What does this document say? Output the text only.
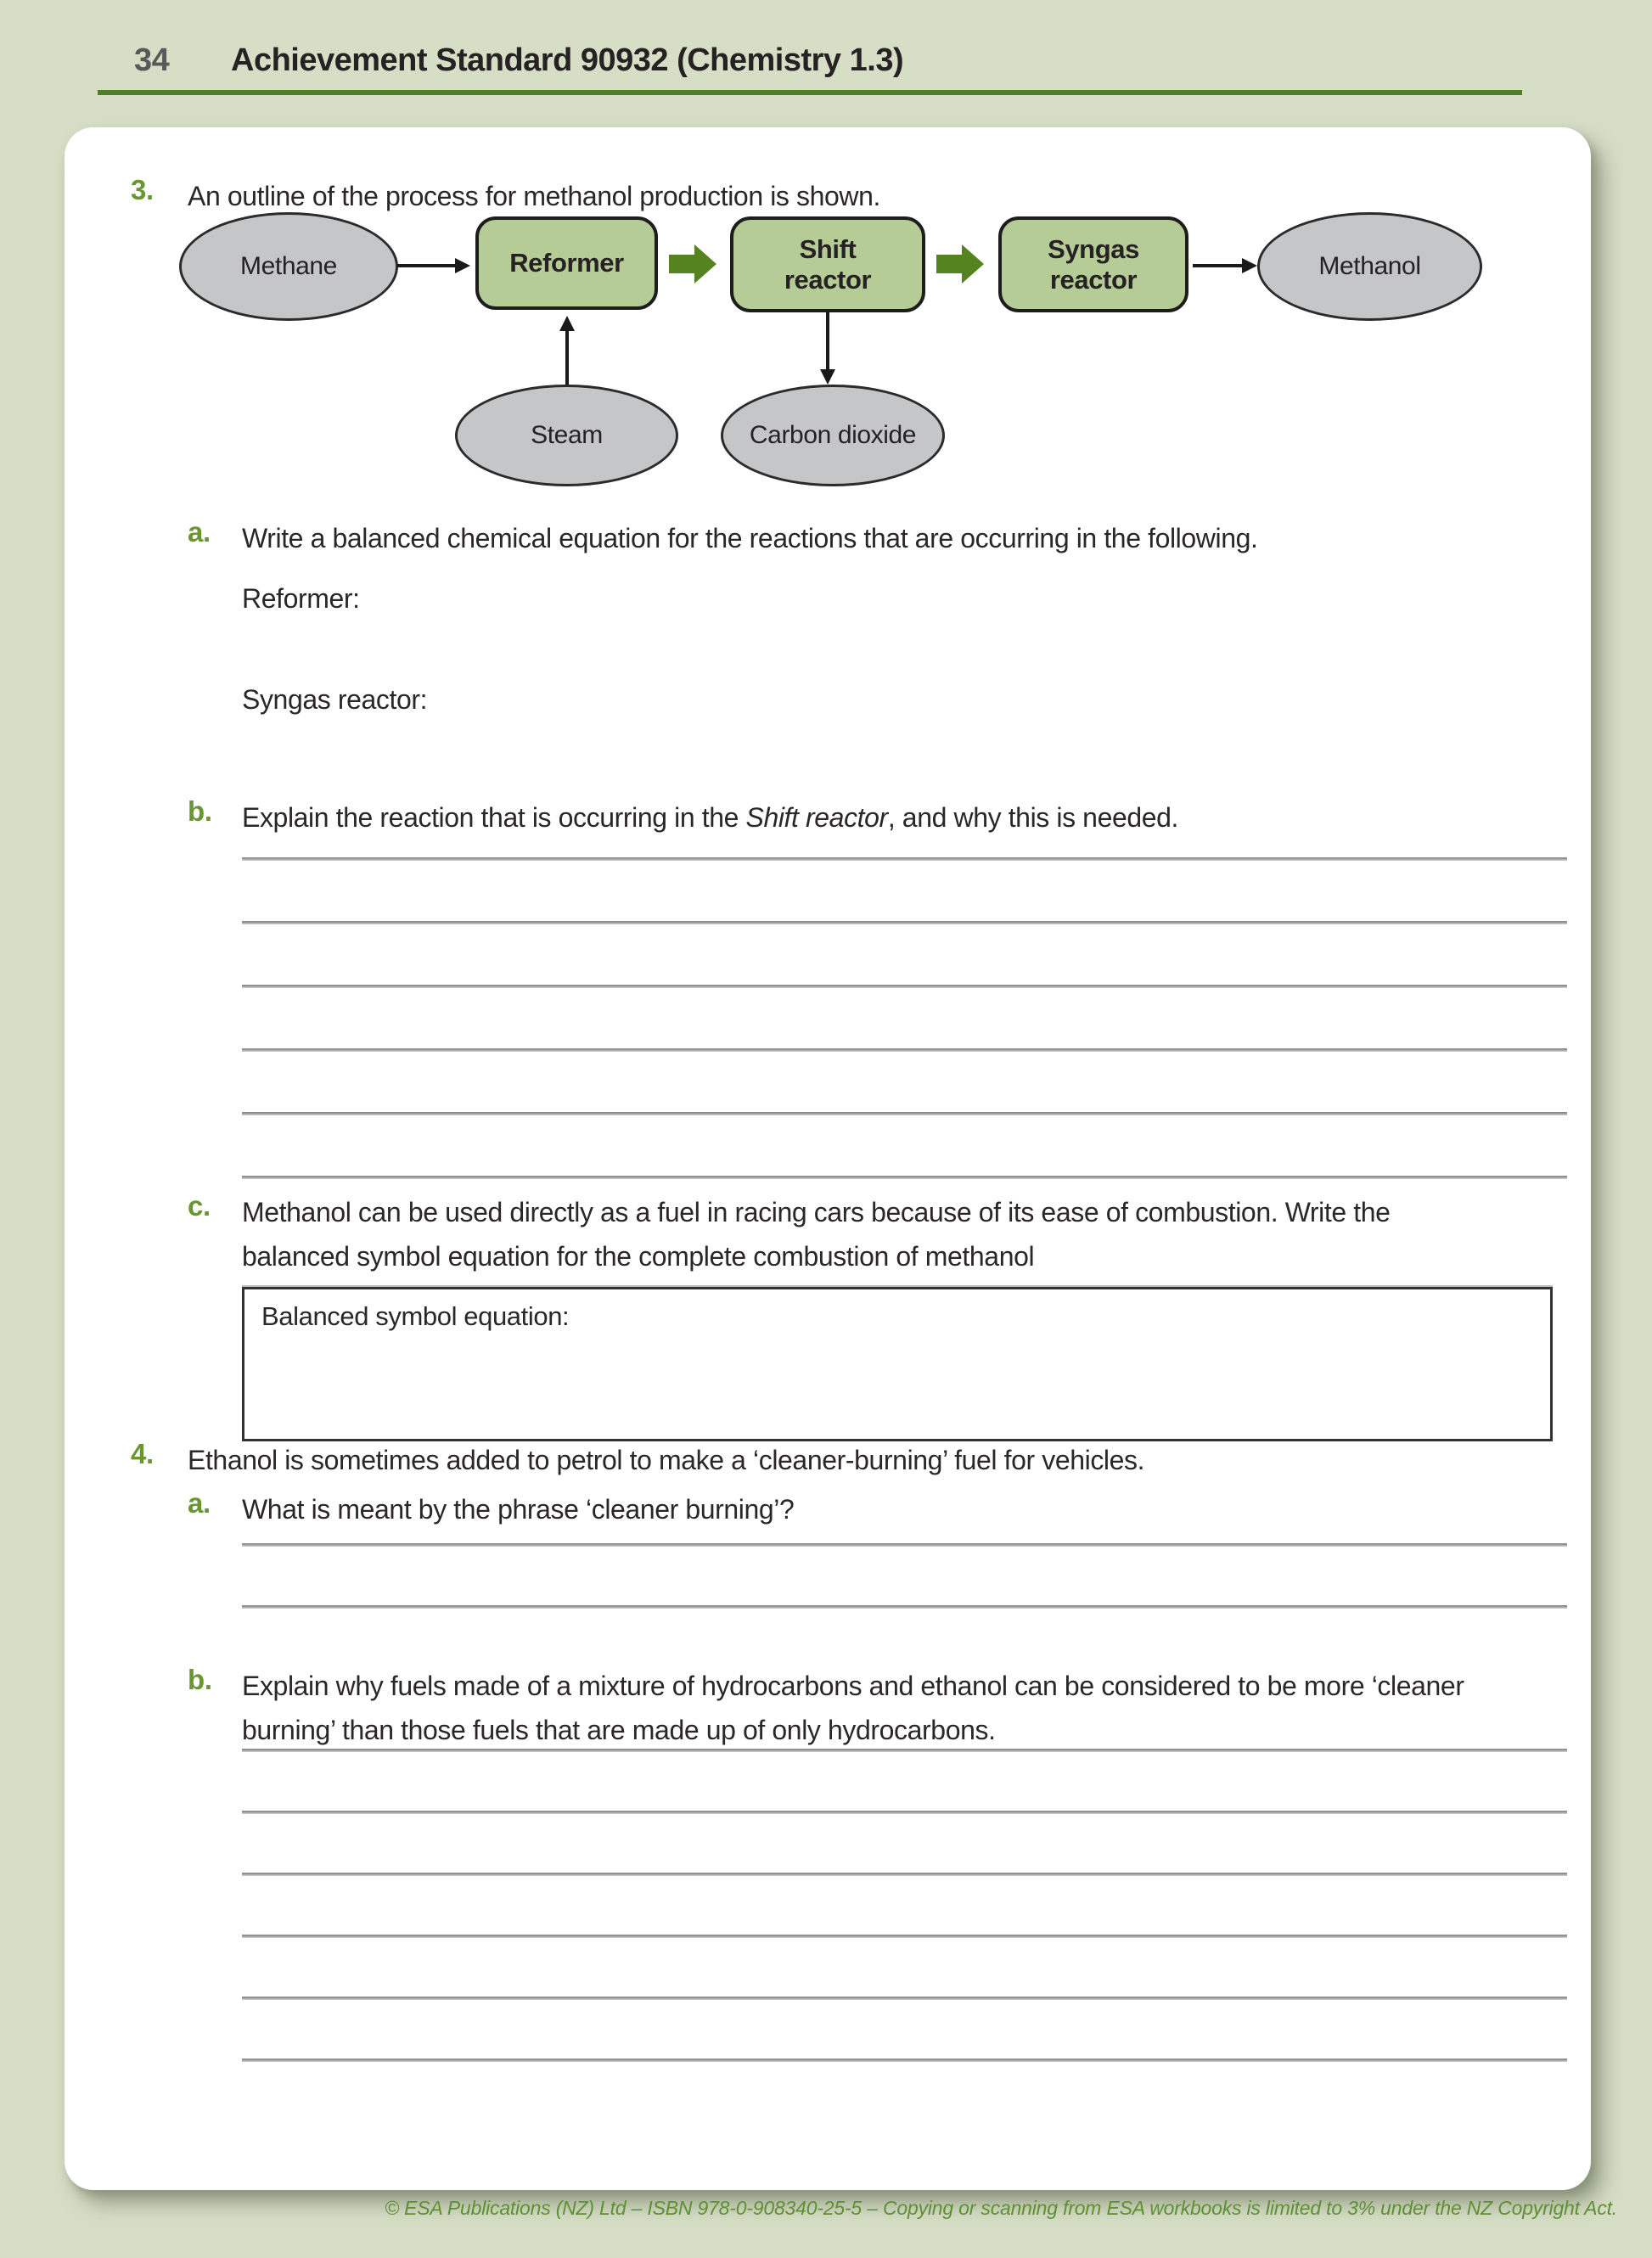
34 Achievement Standard 90932 (Chemistry 1.3)
3. An outline of the process for methanol production is shown.
Methane	Reformer	Shift reactor
Syngas reactor	Methanol
Steam	Carbon dioxide
a. Write a balanced chemical equation for the reactions that are occurring in the following.
Reformer:
Syngas reactor:
b. Explain the reaction that is occurring in the Shift reactor, and why this is needed.
c. Methanol can be used directly as a fuel in racing cars because of its ease of combustion. Write the
balanced symbol equation for the complete combustion of methanol
Balanced symbol equation:
4. Ethanol is sometimes added to petrol to make a ‘cleaner-burning’ fuel for vehicles.
a. What is meant by the phrase ‘cleaner burning’?
b. Explain why fuels made of a mixture of hydrocarbons and ethanol can be considered to be more ‘cleaner
burning’ than those fuels that are made up of only hydrocarbons.
© ESA Publications (NZ) Ltd – ISBN 978-0-908340-25-5 – Copying or scanning from ESA workbooks is limited to 3% under the NZ Copyright Act.
